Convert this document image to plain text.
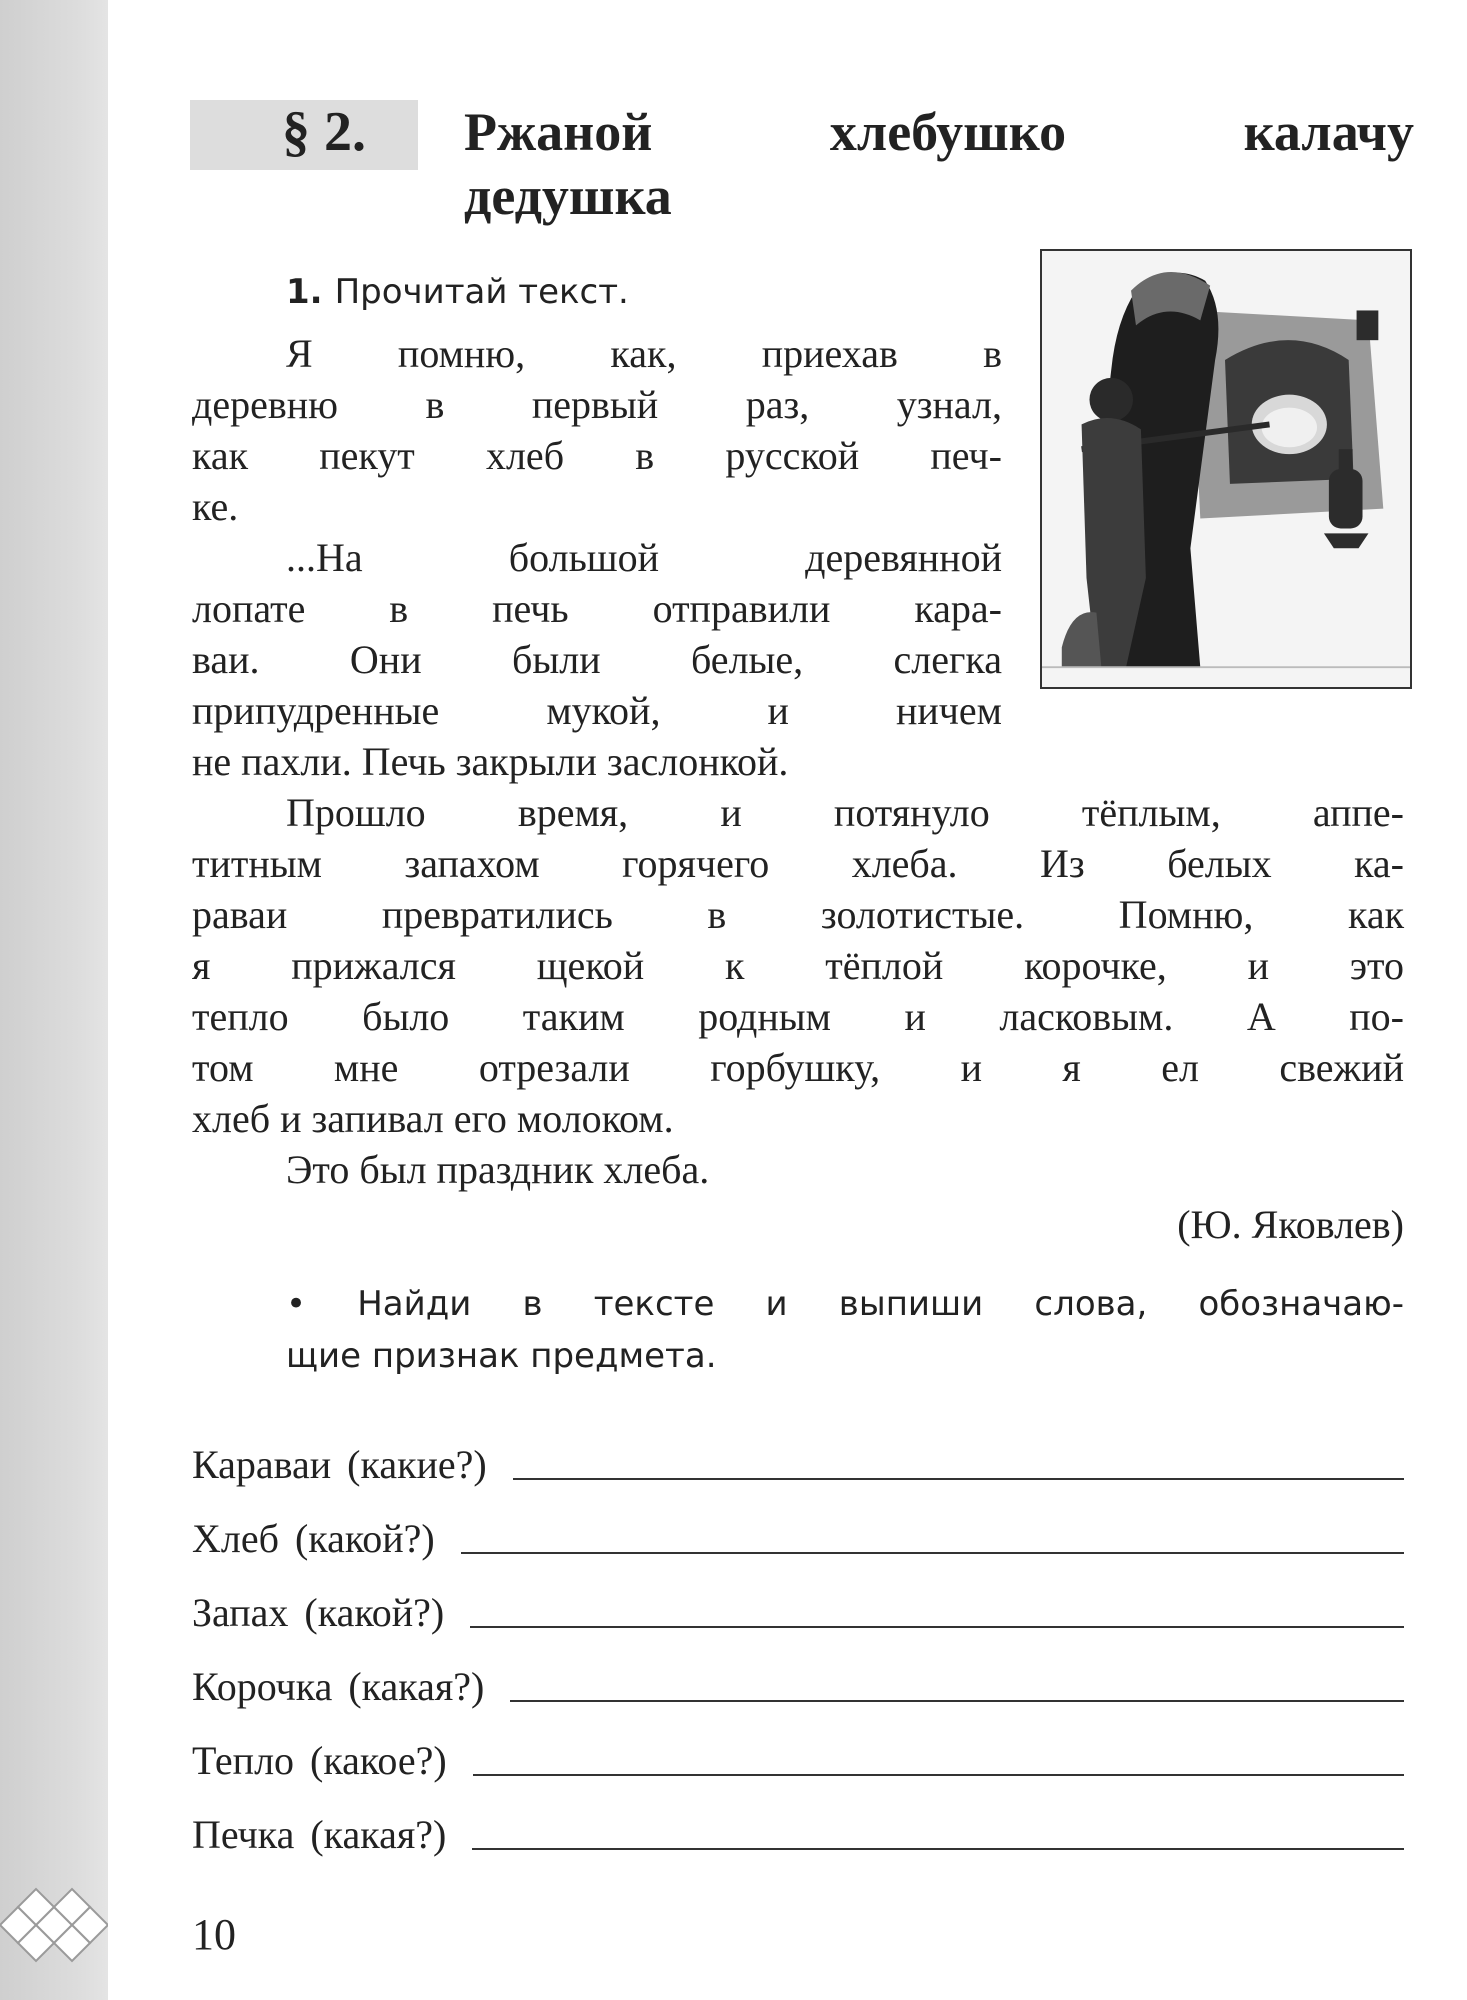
§ 2. Ржаной хлебушко калачу
дедушка
1. Прочитай текст.
Я помню, как, приехав в
деревню в первый раз, узнал,
как пекут хлеб в русской печ-
ке.
...На большой деревянной
лопате в печь отправили кара-
ваи. Они были белые, слегка
припудренные мукой, и ничем
не пахли. Печь закрыли заслонкой.
Прошло время, и потянуло тёплым, аппе-
титным запахом горячего хлеба. Из белых ка-
раваи превратились в золотистые. Помню, как
я прижался щекой к тёплой корочке, и это
тепло было таким родным и ласковым. А по-
том мне отрезали горбушку, и я ел свежий
хлеб и запивал его молоком.
Это был праздник хлеба.
(Ю. Яковлев)
• Найди в тексте и выпиши слова, обозначаю-
щие признак предмета.
Караваи (какие?)
Хлеб (какой?)
Запах (какой?)
Корочка (какая?)
Тепло (какое?)
Печка (какая?)
10
